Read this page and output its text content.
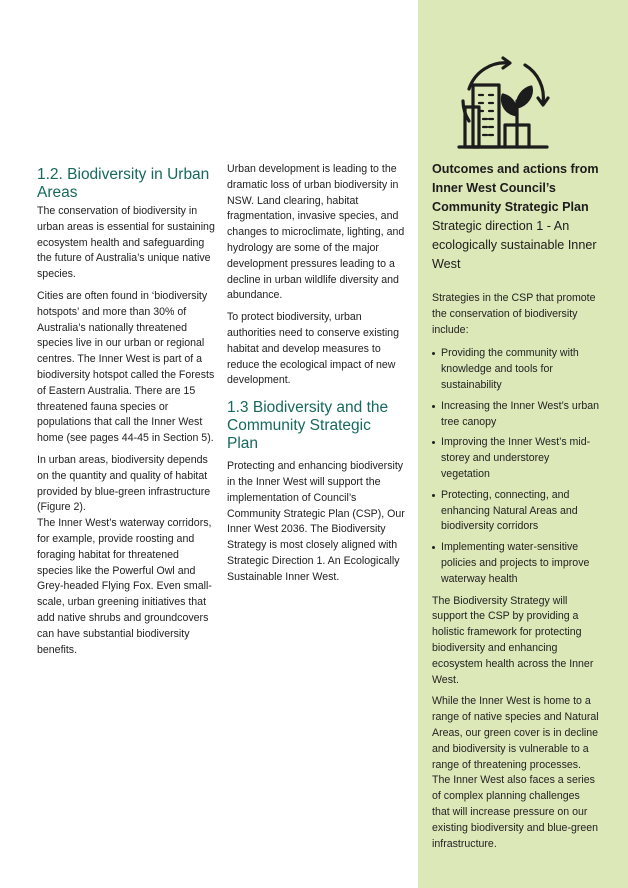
1.2. Biodiversity in Urban Areas

The conservation of biodiversity in urban areas is essential for sustaining ecosystem health and safeguarding the future of Australia’s unique native species.

Cities are often found in ‘biodiversity hotspots’ and more than 30% of Australia’s nationally threatened species live in our urban or regional centres. The Inner West is part of a biodiversity hotspot called the Forests of Eastern Australia. There are 15 threatened fauna species or populations that call the Inner West home (see pages 44-45 in Section 5).

In urban areas, biodiversity depends on the quantity and quality of habitat provided by blue-green infrastructure (Figure 2).

The Inner West’s waterway corridors, for example, provide roosting and foraging habitat for threatened species like the Powerful Owl and Grey-headed Flying Fox. Even small-scale, urban greening initiatives that add native shrubs and groundcovers can have substantial biodiversity benefits.

Urban development is leading to the dramatic loss of urban biodiversity in NSW. Land clearing, habitat fragmentation, invasive species, and changes to microclimate, lighting, and hydrology are some of the major development pressures leading to a decline in urban wildlife diversity and abundance.

To protect biodiversity, urban authorities need to conserve existing habitat and develop measures to reduce the ecological impact of new development.

1.3 Biodiversity and the Community Strategic Plan

Protecting and enhancing biodiversity in the Inner West will support the implementation of Council’s Community Strategic Plan (CSP), Our Inner West 2036. The Biodiversity Strategy is most closely aligned with Strategic Direction 1. An Ecologically Sustainable Inner West.

Outcomes and actions from Inner West Council’s Community Strategic Plan Strategic direction 1 - An ecologically sustainable Inner West

Strategies in the CSP that promote the conservation of biodiversity include:

Providing the community with knowledge and tools for sustainability
Increasing the Inner West’s urban tree canopy
Improving the Inner West’s mid-storey and understorey vegetation
Protecting, connecting, and enhancing Natural Areas and biodiversity corridors
Implementing water-sensitive policies and projects to improve waterway health

The Biodiversity Strategy will support the CSP by providing a holistic framework for protecting biodiversity and enhancing ecosystem health across the Inner West.

While the Inner West is home to a range of native species and Natural Areas, our green cover is in decline and biodiversity is vulnerable to a range of threatening processes. The Inner West also faces a series of complex planning challenges that will increase pressure on our existing biodiversity and blue-green infrastructure.
